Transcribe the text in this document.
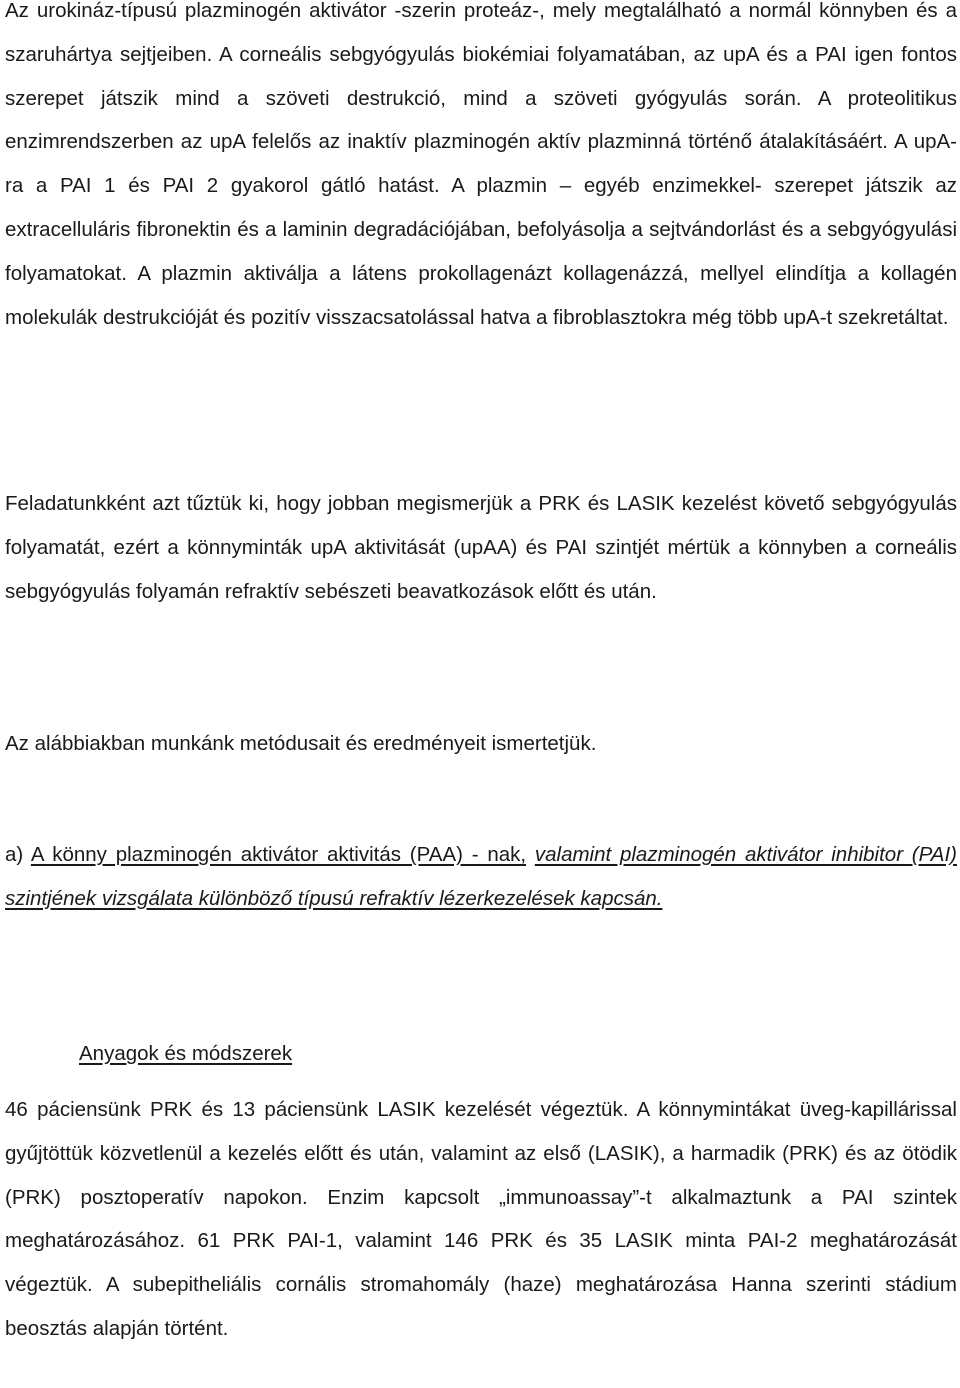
Az urokináz-típusú plazminogén aktivátor -szerin proteáz-, mely megtalálható a normál könnyben és a szaruhártya sejtjeiben. A corneális sebgyógyulás biokémiai folyamatában, az upA és a PAI igen fontos szerepet játszik mind a szöveti destrukció, mind a szöveti gyógyulás során. A proteolitikus enzimrendszerben az upA felelős az inaktív plazminogén aktív plazminná történő átalakításáért. A upA-ra a PAI 1 és PAI 2 gyakorol gátló hatást. A plazmin – egyéb enzimekkel- szerepet játszik az extracelluláris fibronektin és a laminin degradációjában, befolyásolja a sejtvándorlást és a sebgyógyulási folyamatokat. A plazmin aktiválja a látens prokollagenázt kollagenázzá, mellyel elindítja a kollagén molekulák destrukcióját és pozitív visszacsatolással hatva a fibroblasztokra még több upA-t szekretáltat.

Feladatunkként azt tűztük ki, hogy jobban megismerjük a PRK és LASIK kezelést követő sebgyógyulás folyamatát, ezért a könnyminták upA aktivitását (upAA) és PAI szintjét mértük a könnyben a corneális sebgyógyulás folyamán refraktív sebészeti beavatkozások előtt és után.

Az alábbiakban munkánk metódusait és eredményeit ismertetjük.

a) A könny plazminogén aktivátor aktivitás (PAA) - nak, valamint plazminogén aktivátor inhibitor (PAI) szintjének vizsgálata különböző típusú refraktív lézerkezelések kapcsán.

Anyagok és módszerek

46 páciensünk PRK és 13 páciensünk LASIK kezelését végeztük. A könnymintákat üveg-kapillárissal gyűjtöttük közvetlenül a kezelés előtt és után, valamint az első (LASIK), a harmadik (PRK) és az ötödik (PRK) posztoperatív napokon. Enzim kapcsolt „immunoassay”-t alkalmaztunk a PAI szintek meghatározásához. 61 PRK PAI-1, valamint 146 PRK és 35 LASIK minta PAI-2 meghatározását végeztük. A subepitheliális cornális stromahomály (haze) meghatározása Hanna szerinti stádium beosztás alapján történt.
